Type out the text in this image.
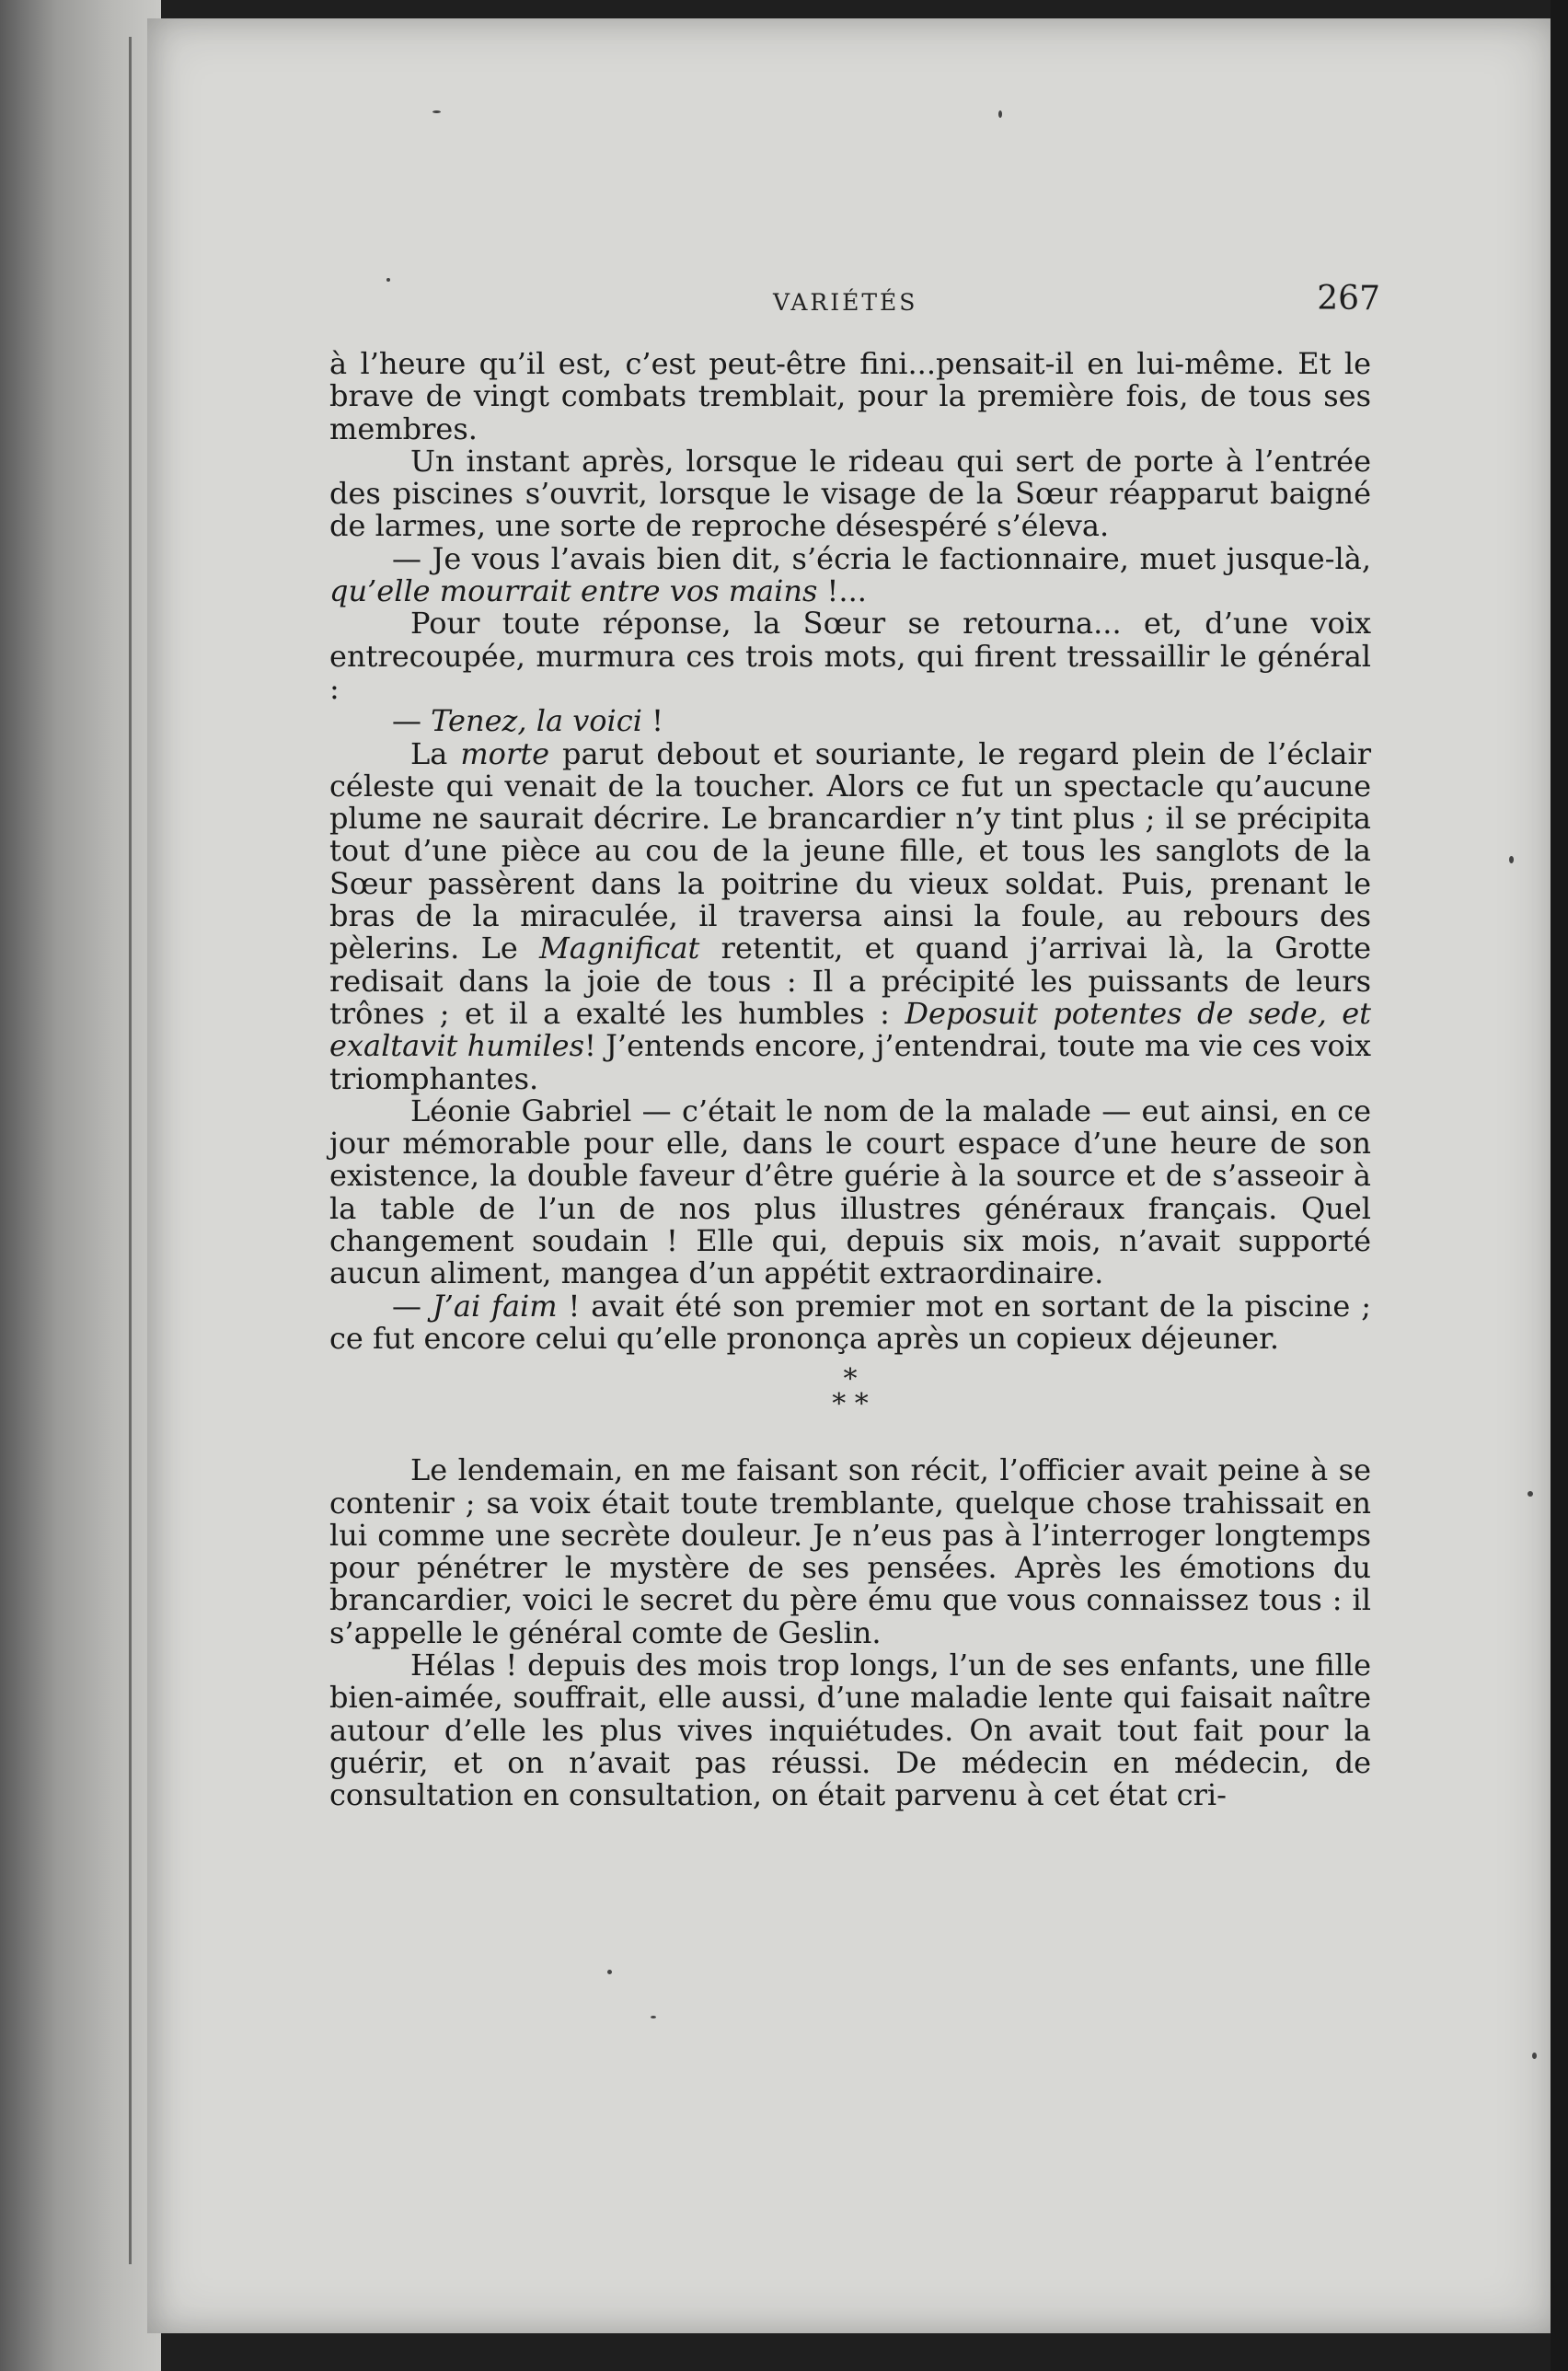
VARIÉTÉS	267

à l’heure qu’il est, c’est peut-être fini...pensait-il en lui-même. Et le brave de vingt combats tremblait, pour la première fois, de tous ses membres.

Un instant après, lorsque le rideau qui sert de porte à l’entrée des piscines s’ouvrit, lorsque le visage de la Sœur réapparut baigné de larmes, une sorte de reproche désespéré s’éleva.

— Je vous l’avais bien dit, s’écria le factionnaire, muet jusque-là, qu’elle mourrait entre vos mains !...

Pour toute réponse, la Sœur se retourna... et, d’une voix entrecoupée, murmura ces trois mots, qui firent tressaillir le général :

— Tenez, la voici !

La morte parut debout et souriante, le regard plein de l’éclair céleste qui venait de la toucher. Alors ce fut un spectacle qu’aucune plume ne saurait décrire. Le brancardier n’y tint plus ; il se précipita tout d’une pièce au cou de la jeune fille, et tous les sanglots de la Sœur passèrent dans la poitrine du vieux soldat. Puis, prenant le bras de la miraculée, il traversa ainsi la foule, au rebours des pèlerins. Le Magnificat retentit, et quand j’arrivai là, la Grotte redisait dans la joie de tous : Il a précipité les puissants de leurs trônes ; et il a exalté les humbles : Deposuit potentes de sede, et exaltavit humiles! J’entends encore, j’entendrai, toute ma vie ces voix triomphantes.

Léonie Gabriel — c’était le nom de la malade — eut ainsi, en ce jour mémorable pour elle, dans le court espace d’une heure de son existence, la double faveur d’être guérie à la source et de s’asseoir à la table de l’un de nos plus illustres généraux français. Quel changement soudain ! Elle qui, depuis six mois, n’avait supporté aucun aliment, mangea d’un appétit extraordinaire.

— J’ai faim ! avait été son premier mot en sortant de la piscine ; ce fut encore celui qu’elle prononça après un copieux déjeuner.

*
* *

Le lendemain, en me faisant son récit, l’officier avait peine à se contenir ; sa voix était toute tremblante, quelque chose trahissait en lui comme une secrète douleur. Je n’eus pas à l’interroger longtemps pour pénétrer le mystère de ses pensées. Après les émotions du brancardier, voici le secret du père ému que vous connaissez tous : il s’appelle le général comte de Geslin.

Hélas ! depuis des mois trop longs, l’un de ses enfants, une fille bien-aimée, souffrait, elle aussi, d’une maladie lente qui faisait naître autour d’elle les plus vives inquiétudes. On avait tout fait pour la guérir, et on n’avait pas réussi. De médecin en médecin, de consultation en consultation, on était parvenu à cet état cri-
